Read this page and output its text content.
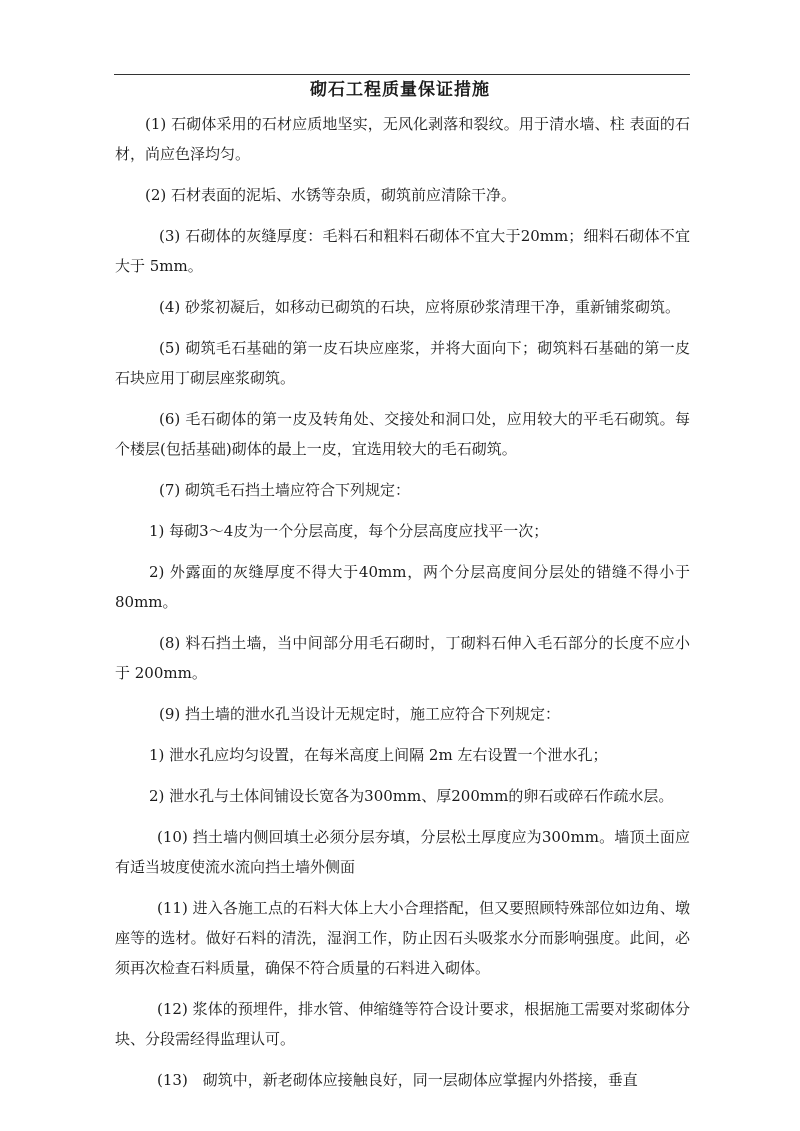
砌石工程质量保证措施

(1) 石砌体采用的石材应质地坚实，无风化剥落和裂纹。用于清水墙、柱 表面的石材，尚应色泽均匀。

(2) 石材表面的泥垢、水锈等杂质，砌筑前应清除干净。

(3) 石砌体的灰缝厚度：毛料石和粗料石砌体不宜大于20mm；细料石砌体不宜大于 5mm。

(4) 砂浆初凝后，如移动已砌筑的石块，应将原砂浆清理干净，重新铺浆砌筑。

(5) 砌筑毛石基础的第一皮石块应座浆，并将大面向下；砌筑料石基础的第一皮石块应用丁砌层座浆砌筑。

(6) 毛石砌体的第一皮及转角处、交接处和洞口处，应用较大的平毛石砌筑。每个楼层(包括基础)砌体的最上一皮，宜选用较大的毛石砌筑。

(7) 砌筑毛石挡土墙应符合下列规定：

1) 每砌3～4皮为一个分层高度，每个分层高度应找平一次；

2) 外露面的灰缝厚度不得大于40mm，两个分层高度间分层处的错缝不得小于 80mm。

(8) 料石挡土墙，当中间部分用毛石砌时，丁砌料石伸入毛石部分的长度不应小于 200mm。

(9) 挡土墙的泄水孔当设计无规定时，施工应符合下列规定：

1) 泄水孔应均匀设置，在每米高度上间隔 2m 左右设置一个泄水孔；

2) 泄水孔与土体间铺设长宽各为300mm、厚200mm的卵石或碎石作疏水层。

(10) 挡土墙内侧回填土必须分层夯填，分层松土厚度应为300mm。墙顶土面应有适当坡度使流水流向挡土墙外侧面

(11) 进入各施工点的石料大体上大小合理搭配，但又要照顾特殊部位如边角、墩座等的选材。做好石料的清洗，湿润工作，防止因石头吸浆水分而影响强度。此间，必须再次检查石料质量，确保不符合质量的石料进入砌体。

(12) 浆体的预埋件，排水管、伸缩缝等符合设计要求，根据施工需要对浆砌体分块、分段需经得监理认可。

(13)　砌筑中，新老砌体应接触良好，同一层砌体应掌握内外搭接，垂直
